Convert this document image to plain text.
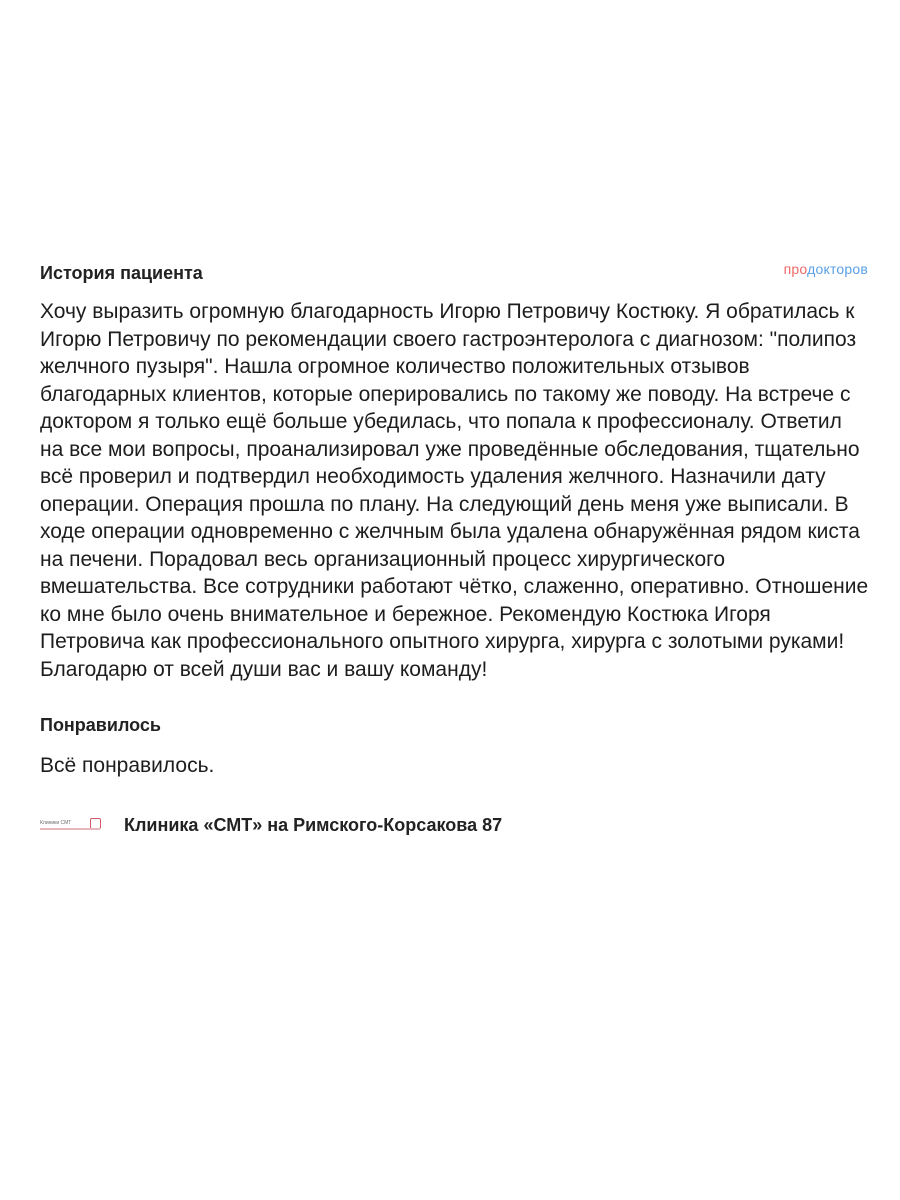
История пациента	продокторов

Хочу выразить огромную благодарность Игорю Петровичу Костюку. Я обратилась к Игорю Петровичу по рекомендации своего гастроэнтеролога с диагнозом: "полипоз желчного пузыря". Нашла огромное количество положительных отзывов благодарных клиентов, которые оперировались по такому же поводу. На встрече с доктором я только ещё больше убедилась, что попала к профессионалу. Ответил на все мои вопросы, проанализировал уже проведённые обследования, тщательно всё проверил и подтвердил необходимость удаления желчного. Назначили дату операции. Операция прошла по плану. На следующий день меня уже выписали. В ходе операции одновременно с желчным была удалена обнаружённая рядом киста на печени. Порадовал весь организационный процесс хирургического вмешательства. Все сотрудники работают чётко, слаженно, оперативно. Отношение ко мне было очень внимательное и бережное. Рекомендую Костюка Игоря Петровича как профессионального опытного хирурга, хирурга с золотыми руками! Благодарю от всей души вас и вашу команду!

Понравилось

Всё понравилось.

Клиники СМТ	Клиника «СМТ» на Римского-Корсакова 87
